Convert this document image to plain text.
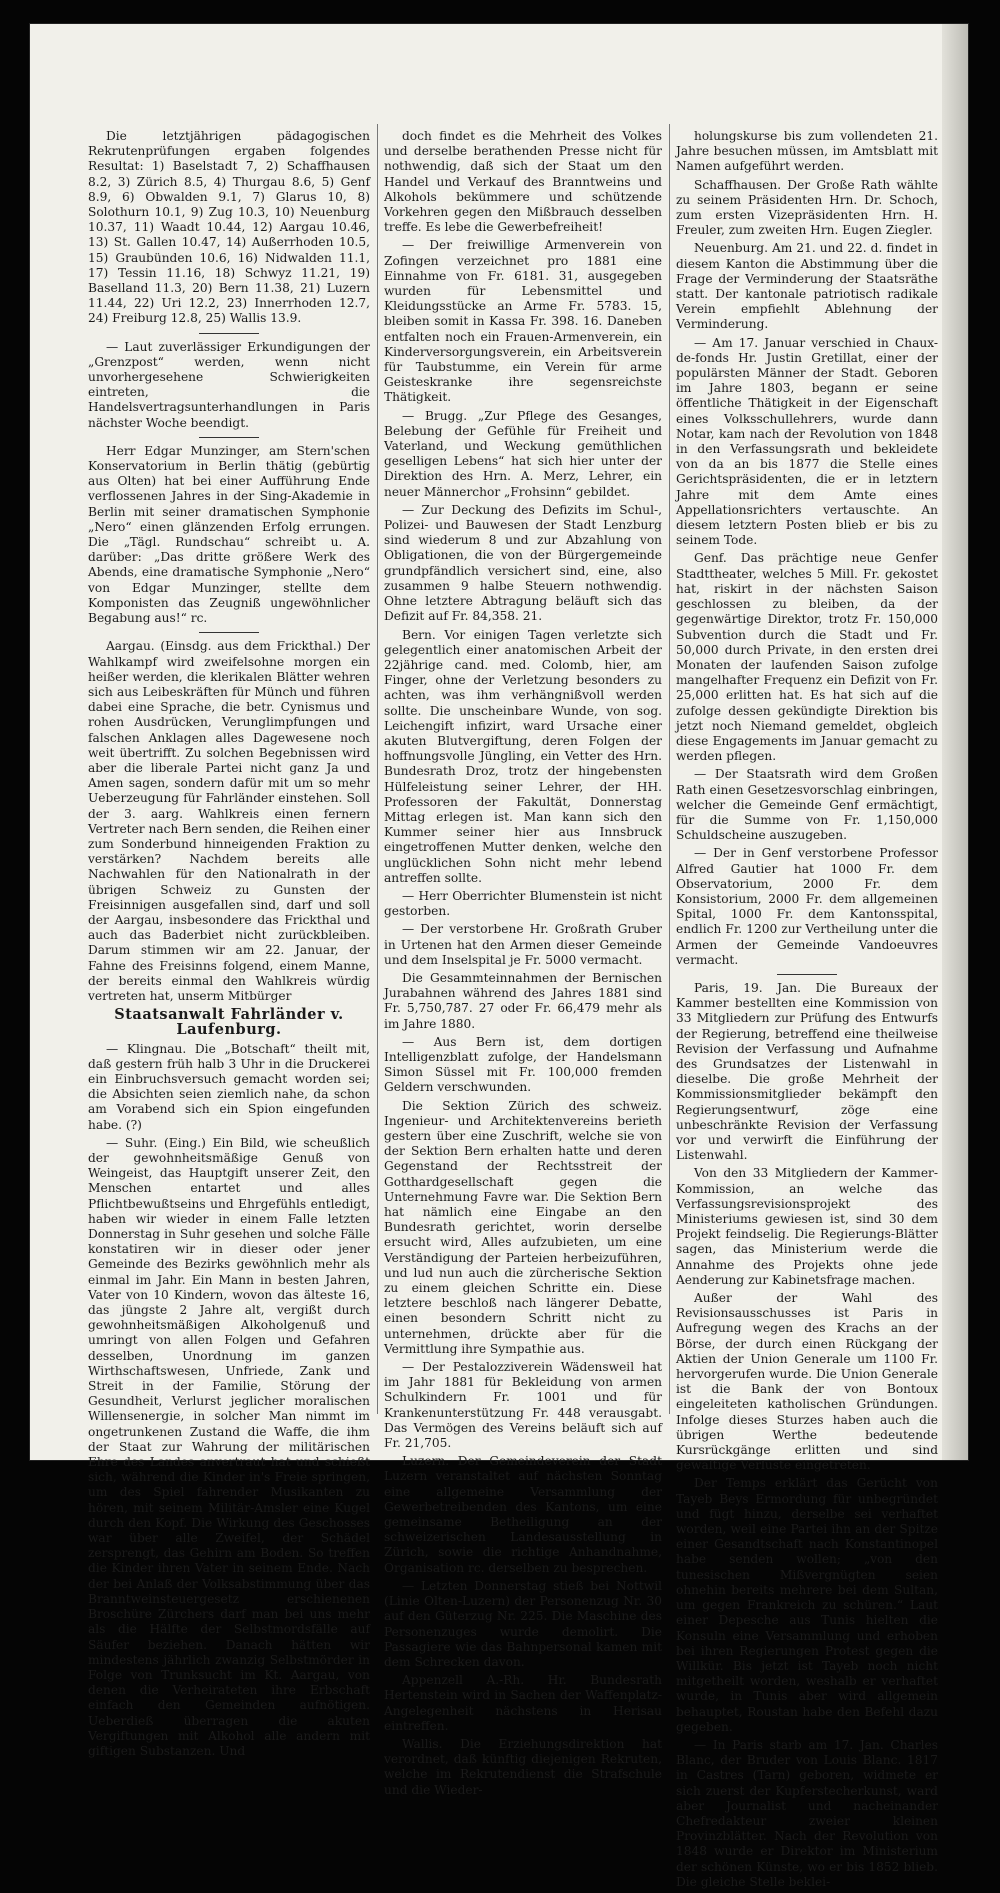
Die letztjährigen pädagogischen Rekrutenprüfungen ergaben folgendes Resultat: 1) Baselstadt 7, 2) Schaffhausen 8.2, 3) Zürich 8.5, 4) Thurgau 8.6, 5) Genf 8.9, 6) Obwalden 9.1, 7) Glarus 10, 8) Solothurn 10.1, 9) Zug 10.3, 10) Neuenburg 10.37, 11) Waadt 10.44, 12) Aargau 10.46, 13) St. Gallen 10.47, 14) Außerrhoden 10.5, 15) Graubünden 10.6, 16) Nidwalden 11.1, 17) Tessin 11.16, 18) Schwyz 11.21, 19) Baselland 11.3, 20) Bern 11.38, 21) Luzern 11.44, 22) Uri 12.2, 23) Innerrhoden 12.7, 24) Freiburg 12.8, 25) Wallis 13.9.

— Laut zuverlässiger Erkundigungen der „Grenzpost“ werden, wenn nicht unvorhergesehene Schwierigkeiten eintreten, die Handelsvertragsunterhandlungen in Paris nächster Woche beendigt.

Herr Edgar Munzinger, am Stern'schen Konservatorium in Berlin thätig (gebürtig aus Olten) hat bei einer Aufführung Ende verflossenen Jahres in der Sing-Akademie in Berlin mit seiner dramatischen Symphonie „Nero“ einen glänzenden Erfolg errungen. Die „Tägl. Rundschau“ schreibt u. A. darüber: „Das dritte größere Werk des Abends, eine dramatische Symphonie „Nero“ von Edgar Munzinger, stellte dem Komponisten das Zeugniß ungewöhnlicher Begabung aus!“ rc.

Aargau. (Einsdg. aus dem Frickthal.) Der Wahlkampf wird zweifelsohne morgen ein heißer werden, die klerikalen Blätter wehren sich aus Leibeskräften für Münch und führen dabei eine Sprache, die betr. Cynismus und rohen Ausdrücken, Verunglimpfungen und falschen Anklagen alles Dagewesene noch weit übertrifft. Zu solchen Begebnissen wird aber die liberale Partei nicht ganz Ja und Amen sagen, sondern dafür mit um so mehr Ueberzeugung für Fahrländer einstehen. Soll der 3. aarg. Wahlkreis einen fernern Vertreter nach Bern senden, die Reihen einer zum Sonderbund hinneigenden Fraktion zu verstärken? Nachdem bereits alle Nachwahlen für den Nationalrath in der übrigen Schweiz zu Gunsten der Freisinnigen ausgefallen sind, darf und soll der Aargau, insbesondere das Frickthal und auch das Baderbiet nicht zurückbleiben. Darum stimmen wir am 22. Januar, der Fahne des Freisinns folgend, einem Manne, der bereits einmal den Wahlkreis würdig vertreten hat, unserm Mitbürger

Staatsanwalt Fahrländer v. Laufenburg.

— Klingnau. Die „Botschaft“ theilt mit, daß gestern früh halb 3 Uhr in die Druckerei ein Einbruchsversuch gemacht worden sei; die Absichten seien ziemlich nahe, da schon am Vorabend sich ein Spion eingefunden habe. (?)

— Suhr. (Eing.) Ein Bild, wie scheußlich der gewohnheitsmäßige Genuß von Weingeist, das Hauptgift unserer Zeit, den Menschen entartet und alles Pflichtbewußtseins und Ehrgefühls entledigt, haben wir wieder in einem Falle letzten Donnerstag in Suhr gesehen und solche Fälle konstatiren wir in dieser oder jener Gemeinde des Bezirks gewöhnlich mehr als einmal im Jahr. Ein Mann in besten Jahren, Vater von 10 Kindern, wovon das älteste 16, das jüngste 2 Jahre alt, vergißt durch gewohnheitsmäßigen Alkoholgenuß und umringt von allen Folgen und Gefahren desselben, Unordnung im ganzen Wirthschaftswesen, Unfriede, Zank und Streit in der Familie, Störung der Gesundheit, Verlurst jeglicher moralischen Willensenergie, in solcher Man nimmt im ongetrunkenen Zustand die Waffe, die ihm der Staat zur Wahrung der militärischen Ehre des Landes anvertraut hat und schießt sich, während die Kinder in's Freie springen, um des Spiel fahrender Musikanten zu hören, mit seinem Militär-Amsler eine Kugel durch den Kopf. Die Wirkung des Geschosses war über alle Zweifel, der Schädel zersprengt, das Gehirn am Boden. So treffen die Kinder ihren Vater in seinem Ende. Nach der bei Anlaß der Volksabstimmung über das Branntweinsteuergesetz erschienenen Broschüre Zürchers darf man bei uns mehr als die Hälfte der Selbstmordsfälle auf Säufer beziehen. Danach hätten wir mindestens jährlich zwanzig Selbstmörder in Folge von Trunksucht im Kt. Aargau, von denen die Verheirateten ihre Erbschaft einfach den Gemeinden aufnötigen. Ueberdieß überragen die akuten Vergiftungen mit Alkohol alle andern mit giftigen Substanzen. Und

doch findet es die Mehrheit des Volkes und derselbe berathenden Presse nicht für nothwendig, daß sich der Staat um den Handel und Verkauf des Branntweins und Alkohols bekümmere und schützende Vorkehren gegen den Mißbrauch desselben treffe. Es lebe die Gewerbefreiheit!

— Der freiwillige Armenverein von Zofingen verzeichnet pro 1881 eine Einnahme von Fr. 6181. 31, ausgegeben wurden für Lebensmittel und Kleidungsstücke an Arme Fr. 5783. 15, bleiben somit in Kassa Fr. 398. 16. Daneben entfalten noch ein Frauen-Armenverein, ein Kinderversorgungsverein, ein Arbeitsverein für Taubstumme, ein Verein für arme Geisteskranke ihre segensreichste Thätigkeit.

— Brugg. „Zur Pflege des Gesanges, Belebung der Gefühle für Freiheit und Vaterland, und Weckung gemüthlichen geselligen Lebens“ hat sich hier unter der Direktion des Hrn. A. Merz, Lehrer, ein neuer Männerchor „Frohsinn“ gebildet.

— Zur Deckung des Defizits im Schul-, Polizei- und Bauwesen der Stadt Lenzburg sind wiederum 8 und zur Abzahlung von Obligationen, die von der Bürgergemeinde grundpfändlich versichert sind, eine, also zusammen 9 halbe Steuern nothwendig. Ohne letztere Abtragung beläuft sich das Defizit auf Fr. 84,358. 21.

Bern. Vor einigen Tagen verletzte sich gelegentlich einer anatomischen Arbeit der 22jährige cand. med. Colomb, hier, am Finger, ohne der Verletzung besonders zu achten, was ihm verhängnißvoll werden sollte. Die unscheinbare Wunde, von sog. Leichengift infizirt, ward Ursache einer akuten Blutvergiftung, deren Folgen der hoffnungsvolle Jüngling, ein Vetter des Hrn. Bundesrath Droz, trotz der hingebensten Hülfeleistung seiner Lehrer, der HH. Professoren der Fakultät, Donnerstag Mittag erlegen ist. Man kann sich den Kummer seiner hier aus Innsbruck eingetroffenen Mutter denken, welche den unglücklichen Sohn nicht mehr lebend antreffen sollte.

— Herr Oberrichter Blumenstein ist nicht gestorben.

— Der verstorbene Hr. Großrath Gruber in Urtenen hat den Armen dieser Gemeinde und dem Inselspital je Fr. 5000 vermacht.

Die Gesammteinnahmen der Bernischen Jurabahnen während des Jahres 1881 sind Fr. 5,750,787. 27 oder Fr. 66,479 mehr als im Jahre 1880.

— Aus Bern ist, dem dortigen Intelligenzblatt zufolge, der Handelsmann Simon Süssel mit Fr. 100,000 fremden Geldern verschwunden.

Die Sektion Zürich des schweiz. Ingenieur- und Architektenvereins berieth gestern über eine Zuschrift, welche sie von der Sektion Bern erhalten hatte und deren Gegenstand der Rechtsstreit der Gotthardgesellschaft gegen die Unternehmung Favre war. Die Sektion Bern hat nämlich eine Eingabe an den Bundesrath gerichtet, worin derselbe ersucht wird, Alles aufzubieten, um eine Verständigung der Parteien herbeizuführen, und lud nun auch die zürcherische Sektion zu einem gleichen Schritte ein. Diese letztere beschloß nach längerer Debatte, einen besondern Schritt nicht zu unternehmen, drückte aber für die Vermittlung ihre Sympathie aus.

— Der Pestalozziverein Wädensweil hat im Jahr 1881 für Bekleidung von armen Schulkindern Fr. 1001 und für Krankenunterstützung Fr. 448 verausgabt. Das Vermögen des Vereins beläuft sich auf Fr. 21,705.

Luzern. Der Gemeindeverein der Stadt Luzern veranstaltet auf nächsten Sonntag eine allgemeine Versammlung der Gewerbetreibenden des Kantons, um eine gemeinsame Betheiligung an der schweizerischen Landesausstellung in Zürich, sowie die richtige Anhandnahme, Organisation rc. derselben zu besprechen.

— Letzten Donnerstag stieß bei Nottwil (Linie Olten-Luzern) der Personenzug Nr. 30 auf den Güterzug Nr. 225. Die Maschine des Personenzuges wurde demolirt. Die Passagiere wie das Bahnpersonal kamen mit dem Schrecken davon.

Appenzell A.-Rh. Hr. Bundesrath Hertenstein wird in Sachen der Waffenplatz-Angelegenheit nächstens in Herisau eintreffen.

Wallis. Die Erziehungsdirektion hat verordnet, daß künftig diejenigen Rekruten, welche im Rekrutendienst die Strafschule und die Wieder-

holungskurse bis zum vollendeten 21. Jahre besuchen müssen, im Amtsblatt mit Namen aufgeführt werden.

Schaffhausen. Der Große Rath wählte zu seinem Präsidenten Hrn. Dr. Schoch, zum ersten Vizepräsidenten Hrn. H. Freuler, zum zweiten Hrn. Eugen Ziegler.

Neuenburg. Am 21. und 22. d. findet in diesem Kanton die Abstimmung über die Frage der Verminderung der Staatsräthe statt. Der kantonale patriotisch radikale Verein empfiehlt Ablehnung der Verminderung.

— Am 17. Januar verschied in Chaux-de-fonds Hr. Justin Gretillat, einer der populärsten Männer der Stadt. Geboren im Jahre 1803, begann er seine öffentliche Thätigkeit in der Eigenschaft eines Volksschullehrers, wurde dann Notar, kam nach der Revolution von 1848 in den Verfassungsrath und bekleidete von da an bis 1877 die Stelle eines Gerichtspräsidenten, die er in letztern Jahre mit dem Amte eines Appellationsrichters vertauschte. An diesem letztern Posten blieb er bis zu seinem Tode.

Genf. Das prächtige neue Genfer Stadttheater, welches 5 Mill. Fr. gekostet hat, riskirt in der nächsten Saison geschlossen zu bleiben, da der gegenwärtige Direktor, trotz Fr. 150,000 Subvention durch die Stadt und Fr. 50,000 durch Private, in den ersten drei Monaten der laufenden Saison zufolge mangelhafter Frequenz ein Defizit von Fr. 25,000 erlitten hat. Es hat sich auf die zufolge dessen gekündigte Direktion bis jetzt noch Niemand gemeldet, obgleich diese Engagements im Januar gemacht zu werden pflegen.

— Der Staatsrath wird dem Großen Rath einen Gesetzesvorschlag einbringen, welcher die Gemeinde Genf ermächtigt, für die Summe von Fr. 1,150,000 Schuldscheine auszugeben.

— Der in Genf verstorbene Professor Alfred Gautier hat 1000 Fr. dem Observatorium, 2000 Fr. dem Konsistorium, 2000 Fr. dem allgemeinen Spital, 1000 Fr. dem Kantonsspital, endlich Fr. 1200 zur Vertheilung unter die Armen der Gemeinde Vandoeuvres vermacht.

Paris, 19. Jan. Die Bureaux der Kammer bestellten eine Kommission von 33 Mitgliedern zur Prüfung des Entwurfs der Regierung, betreffend eine theilweise Revision der Verfassung und Aufnahme des Grundsatzes der Listenwahl in dieselbe. Die große Mehrheit der Kommissionsmitglieder bekämpft den Regierungsentwurf, zöge eine unbeschränkte Revision der Verfassung vor und verwirft die Einführung der Listenwahl.

Von den 33 Mitgliedern der Kammer-Kommission, an welche das Verfassungsrevisionsprojekt des Ministeriums gewiesen ist, sind 30 dem Projekt feindselig. Die Regierungs-Blätter sagen, das Ministerium werde die Annahme des Projekts ohne jede Aenderung zur Kabinetsfrage machen.

Außer der Wahl des Revisionsausschusses ist Paris in Aufregung wegen des Krachs an der Börse, der durch einen Rückgang der Aktien der Union Generale um 1100 Fr. hervorgerufen wurde. Die Union Generale ist die Bank der von Bontoux eingeleiteten katholischen Gründungen. Infolge dieses Sturzes haben auch die übrigen Werthe bedeutende Kursrückgänge erlitten und sind gewaltige Verluste eingetreten.

Der Temps erklärt das Gerücht von Tayeb Beys Ermordung für unbegründet und fügt hinzu, derselbe sei verhaftet worden, weil eine Partei ihn an der Spitze einer Gesandtschaft nach Konstantinopel habe senden wollen; „von den tunesischen Mißvergnügten seien ohnehin bereits mehrere bei dem Sultan, um gegen Frankreich zu schüren.“ Laut einer Depesche aus Tunis hielten die Konsuln eine Versammlung und erhoben bei ihren Regierungen Protest gegen die Willkür. Bis jetzt ist Tayeb noch nicht mitgetheilt worden, weshalb er verhaftet wurde, in Tunis aber wird allgemein behauptet, Roustan habe den Befehl dazu gegeben.

— In Paris starb am 17. Jan. Charles Blanc, der Bruder von Louis Blanc. 1817 in Castres (Tarn) geboren, widmete er sich zuerst der Kupferstecherkunst, ward aber Journalist und nacheinander Chefredakteur zweier kleinen Provinzblätter. Nach der Revolution von 1848 wurde er Direktor im Ministerium der schönen Künste, wo er bis 1852 blieb. Die gleiche Stelle beklei-
